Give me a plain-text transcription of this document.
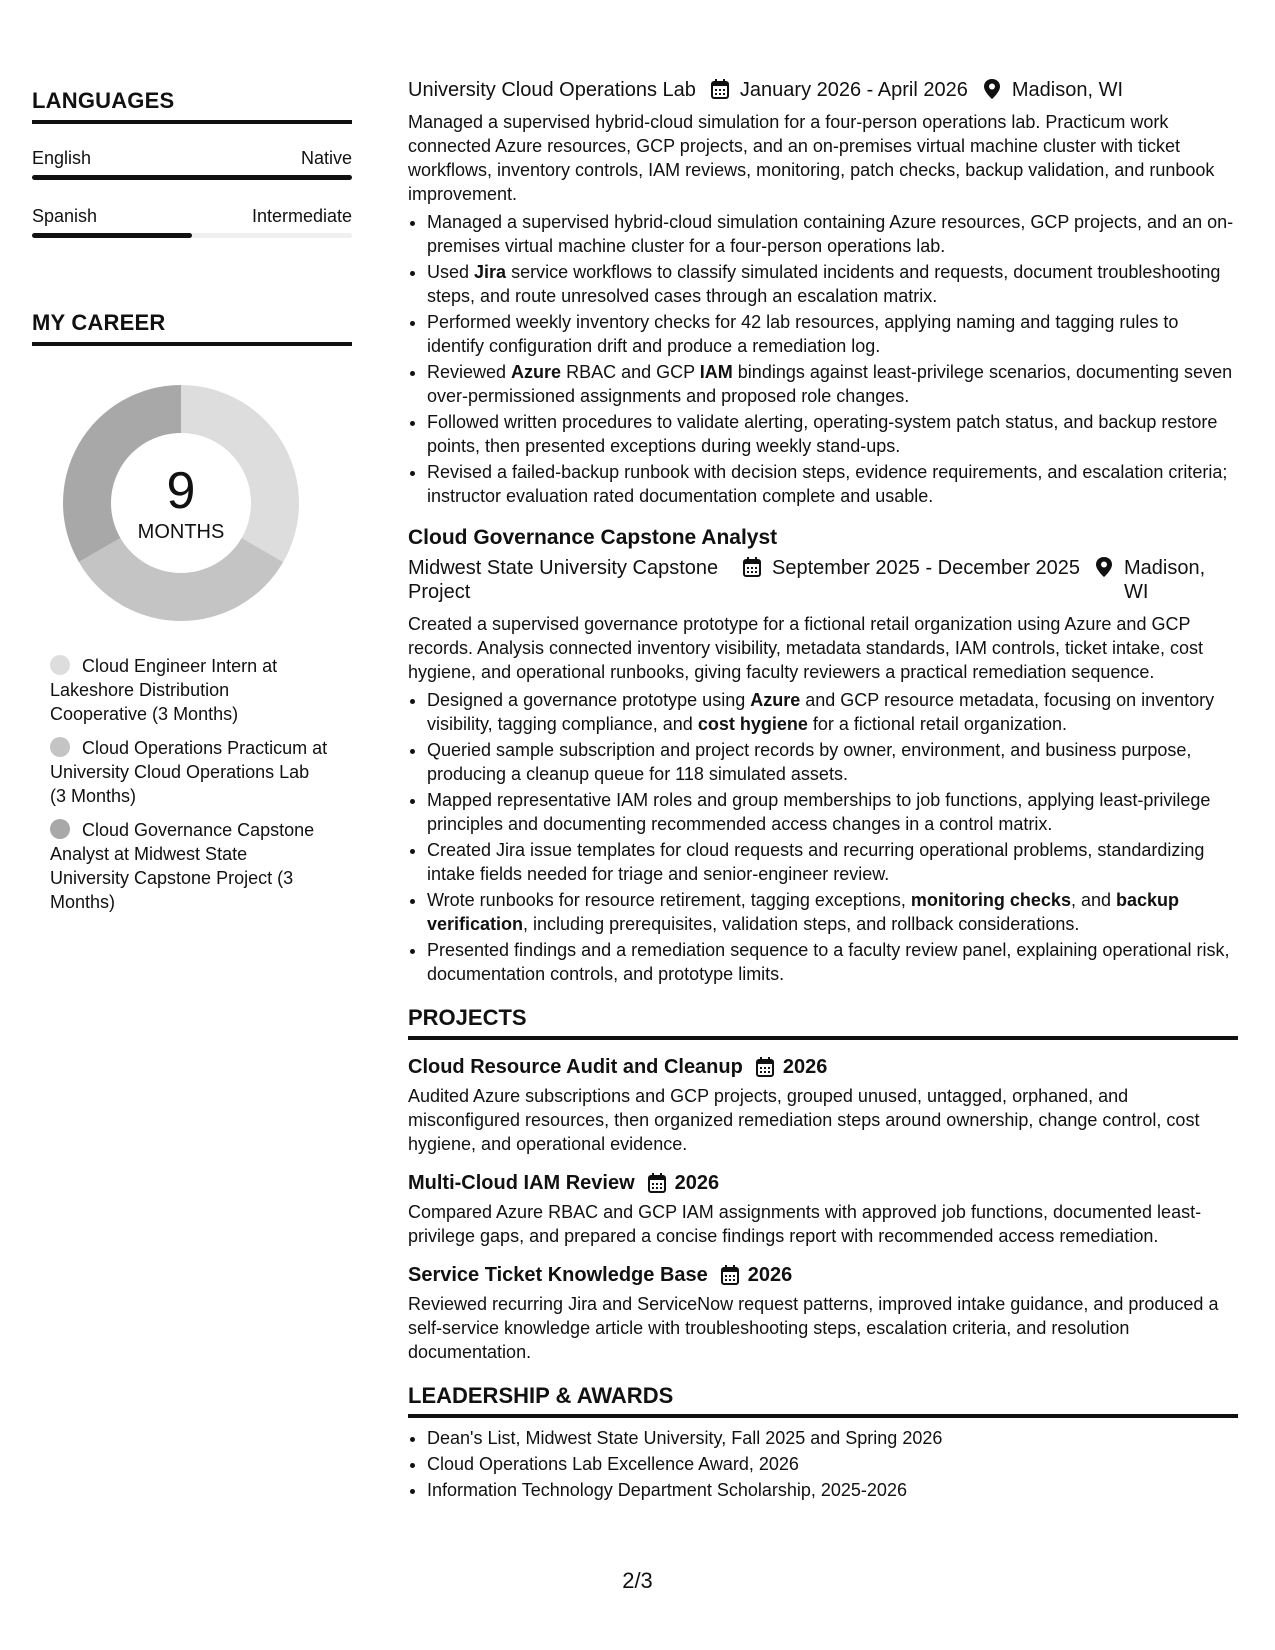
LANGUAGES
English	Native
Spanish	Intermediate
MY CAREER
9
MONTHS
Cloud Engineer Intern at Lakeshore Distribution Cooperative (3 Months)
Cloud Operations Practicum at University Cloud Operations Lab (3 Months)
Cloud Governance Capstone Analyst at Midwest State University Capstone Project (3 Months)
University Cloud Operations Lab January 2026 - April 2026 Madison, WI
Managed a supervised hybrid-cloud simulation for a four-person operations lab. Practicum work connected Azure resources, GCP projects, and an on-premises virtual machine cluster with ticket workflows, inventory controls, IAM reviews, monitoring, patch checks, backup validation, and runbook improvement.
• Managed a supervised hybrid-cloud simulation containing Azure resources, GCP projects, and an on-premises virtual machine cluster for a four-person operations lab.
• Used Jira service workflows to classify simulated incidents and requests, document troubleshooting steps, and route unresolved cases through an escalation matrix.
• Performed weekly inventory checks for 42 lab resources, applying naming and tagging rules to identify configuration drift and produce a remediation log.
• Reviewed Azure RBAC and GCP IAM bindings against least-privilege scenarios, documenting seven over-permissioned assignments and proposed role changes.
• Followed written procedures to validate alerting, operating-system patch status, and backup restore points, then presented exceptions during weekly stand-ups.
• Revised a failed-backup runbook with decision steps, evidence requirements, and escalation criteria; instructor evaluation rated documentation complete and usable.
Cloud Governance Capstone Analyst
Midwest State University Capstone Project
September 2025 - December 2025 Madison, WI
Created a supervised governance prototype for a fictional retail organization using Azure and GCP records. Analysis connected inventory visibility, metadata standards, IAM controls, ticket intake, cost hygiene, and operational runbooks, giving faculty reviewers a practical remediation sequence.
• Designed a governance prototype using Azure and GCP resource metadata, focusing on inventory visibility, tagging compliance, and cost hygiene for a fictional retail organization.
• Queried sample subscription and project records by owner, environment, and business purpose, producing a cleanup queue for 118 simulated assets.
• Mapped representative IAM roles and group memberships to job functions, applying least-privilege principles and documenting recommended access changes in a control matrix.
• Created Jira issue templates for cloud requests and recurring operational problems, standardizing intake fields needed for triage and senior-engineer review.
• Wrote runbooks for resource retirement, tagging exceptions, monitoring checks, and backup verification, including prerequisites, validation steps, and rollback considerations.
• Presented findings and a remediation sequence to a faculty review panel, explaining operational risk, documentation controls, and prototype limits.
PROJECTS
Cloud Resource Audit and Cleanup 2026
Audited Azure subscriptions and GCP projects, grouped unused, untagged, orphaned, and misconfigured resources, then organized remediation steps around ownership, change control, cost hygiene, and operational evidence.
Multi-Cloud IAM Review 2026
Compared Azure RBAC and GCP IAM assignments with approved job functions, documented least-privilege gaps, and prepared a concise findings report with recommended access remediation.
Service Ticket Knowledge Base 2026
Reviewed recurring Jira and ServiceNow request patterns, improved intake guidance, and produced a self-service knowledge article with troubleshooting steps, escalation criteria, and resolution documentation.
LEADERSHIP & AWARDS
• Dean's List, Midwest State University, Fall 2025 and Spring 2026
• Cloud Operations Lab Excellence Award, 2026
• Information Technology Department Scholarship, 2025-2026
2/3
